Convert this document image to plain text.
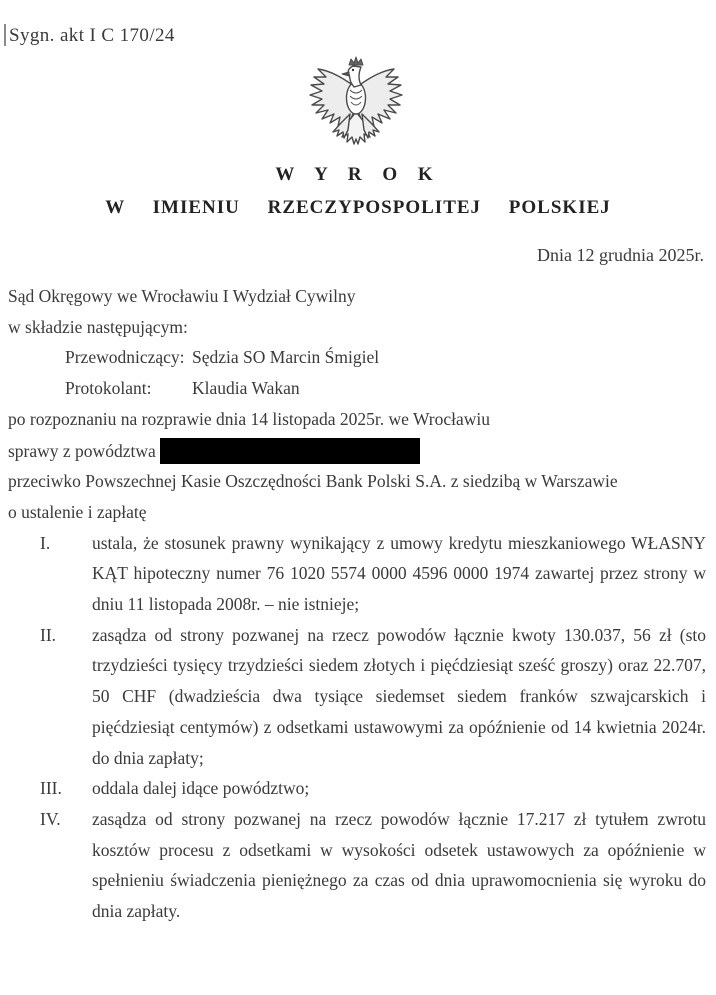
Sygn. akt I C 170/24
W Y R O K
W IMIENIU RZECZYPOSPOLITEJ POLSKIEJ
Dnia 12 grudnia 2025r.

Sąd Okręgowy we Wrocławiu I Wydział Cywilny

w składzie następującym:

Przewodniczący: Sędzia SO Marcin Śmigiel
Protokolant:	Klaudia Wakan

po rozpoznaniu na rozprawie dnia 14 listopada 2025r. we Wrocławiu

sprawy z powództwa

przeciwko Powszechnej Kasie Oszczędności Bank Polski S.A. z siedzibą w Warszawie

o ustalenie i zapłatę

I.	ustala, że stosunek prawny wynikający z umowy kredytu mieszkaniowego WŁASNY KĄT hipoteczny numer 76 1020 5574 0000 4596 0000 1974 zawartej przez strony w dniu 11 listopada 2008r. – nie istnieje;
II.	zasądza od strony pozwanej na rzecz powodów łącznie kwoty 130.037, 56 zł (sto trzydzieści tysięcy trzydzieści siedem złotych i pięćdziesiąt sześć groszy) oraz 22.707, 50 CHF (dwadzieścia dwa tysiące siedemset siedem franków szwajcarskich i pięćdziesiąt centymów) z odsetkami ustawowymi za opóźnienie od 14 kwietnia 2024r. do dnia zapłaty;
III.	oddala dalej idące powództwo;
IV.	zasądza od strony pozwanej na rzecz powodów łącznie 17.217 zł tytułem zwrotu kosztów procesu z odsetkami w wysokości odsetek ustawowych za opóźnienie w spełnieniu świadczenia pieniężnego za czas od dnia uprawomocnienia się wyroku do dnia zapłaty.
